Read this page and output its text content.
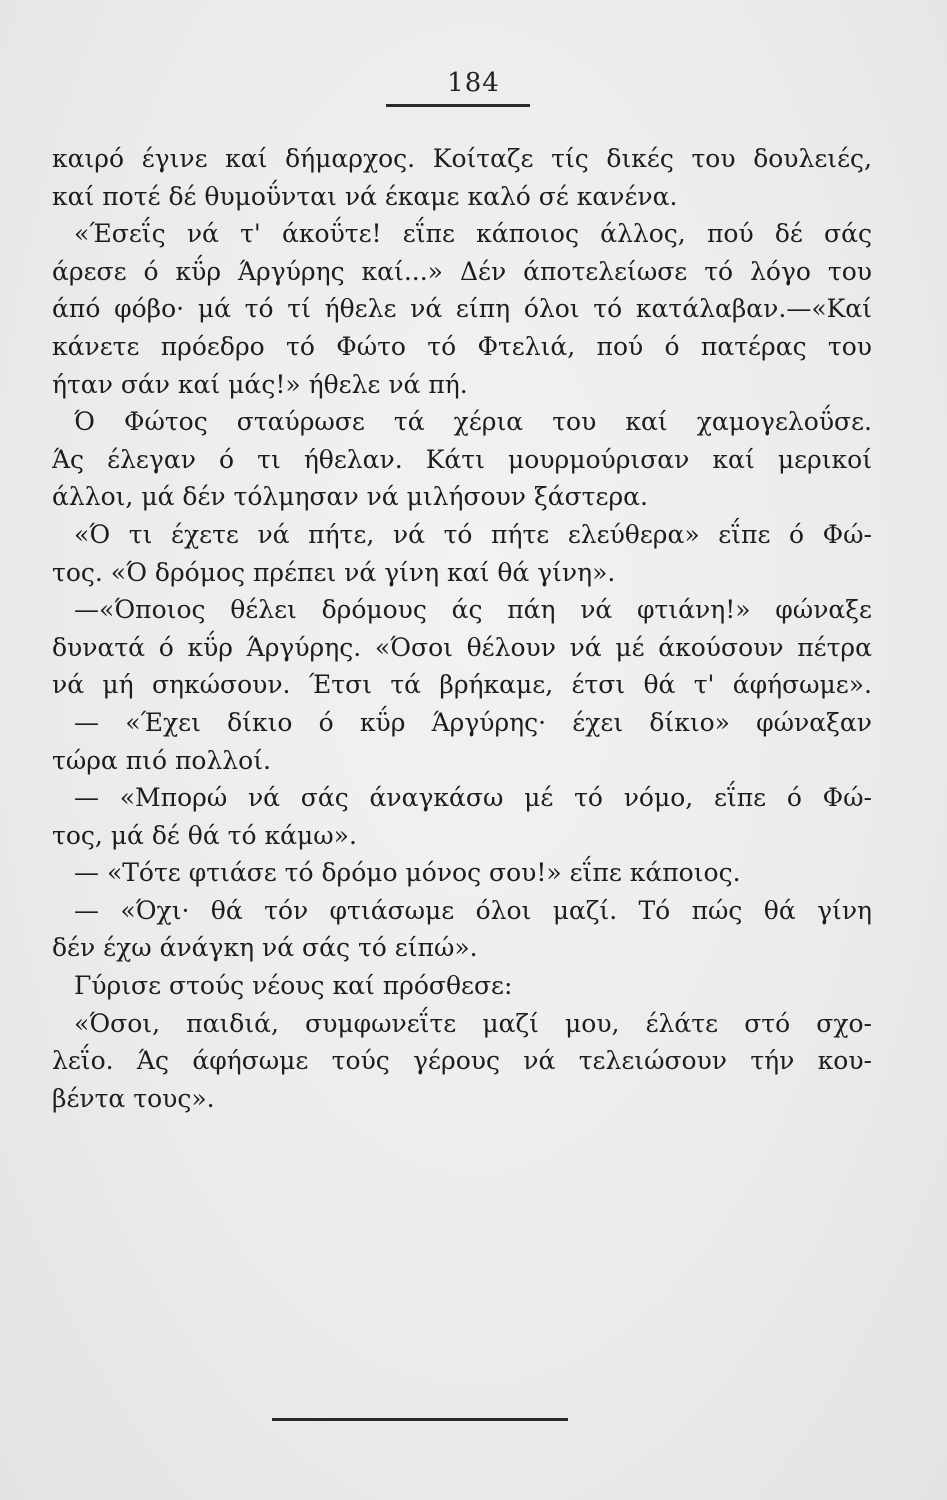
184
καιρό έγινε καί δήμαρχος. Κοίταζε τίς δικές του δουλειές,
καί ποτέ δέ θυμοΰνται νά έκαμε καλό σέ κανένα.
«Έσεΐς νά τ' άκοΰτε! εΐπε κάποιος άλλος, πού δέ σάς
άρεσε ό κΰρ Άργύρης καί...» Δέν άποτελείωσε τό λόγο του
άπό φόβο· μά τό τί ήθελε νά είπη όλοι τό κατάλαβαν.—«Καί
κάνετε πρόεδρο τό Φώτο τό Φτελιά, πού ό πατέρας του
ήταν σάν καί μάς!» ήθελε νά πή.
Ό Φώτος σταύρωσε τά χέρια του καί χαμογελοΰσε.
Άς έλεγαν ό τι ήθελαν. Κάτι μουρμούρισαν καί μερικοί
άλλοι, μά δέν τόλμησαν νά μιλήσουν ξάστερα.
«Ό τι έχετε νά πήτε, νά τό πήτε ελεύθερα» εΐπε ό Φώ-
τος. «Ό δρόμος πρέπει νά γίνη καί θά γίνη».
—«Όποιος θέλει δρόμους άς πάη νά φτιάνη!» φώναξε
δυνατά ό κΰρ Άργύρης. «Όσοι θέλουν νά μέ άκούσουν πέτρα
νά μή σηκώσουν. Έτσι τά βρήκαμε, έτσι θά τ' άφήσωμε».
— «Έχει δίκιο ό κΰρ Άργύρης· έχει δίκιο» φώναξαν
τώρα πιό πολλοί.
— «Μπορώ νά σάς άναγκάσω μέ τό νόμο, εΐπε ό Φώ-
τος, μά δέ θά τό κάμω».
— «Τότε φτιάσε τό δρόμο μόνος σου!» εΐπε κάποιος.
— «Όχι· θά τόν φτιάσωμε όλοι μαζί. Τό πώς θά γίνη
δέν έχω άνάγκη νά σάς τό είπώ».
Γύρισε στούς νέους καί πρόσθεσε:
«Όσοι, παιδιά, συμφωνεΐτε μαζί μου, έλάτε στό σχο-
λεΐο. Άς άφήσωμε τούς γέρους νά τελειώσουν τήν κου-
βέντα τους».
